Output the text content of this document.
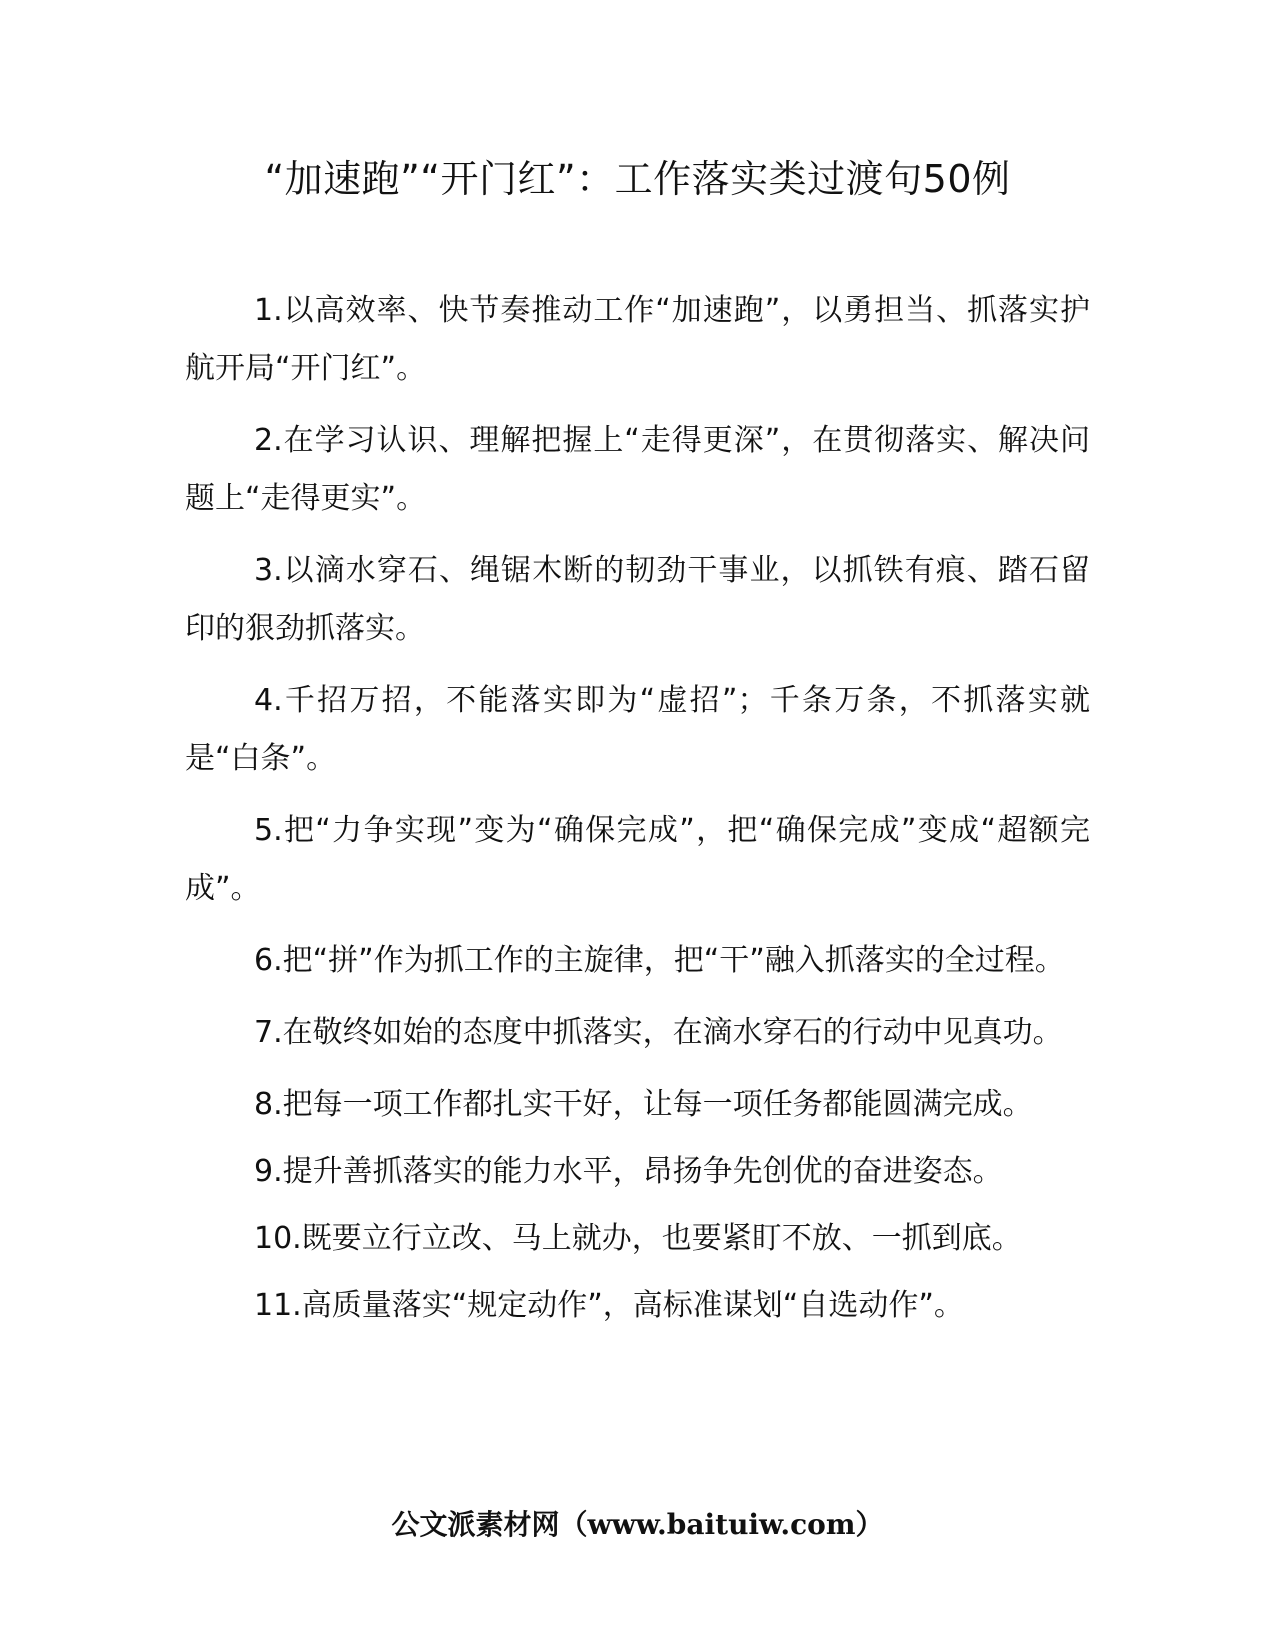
“加速跑”“开门红”：工作落实类过渡句50例

1.以高效率、快节奏推动工作“加速跑”，以勇担当、抓落实护航开局“开门红”。

2.在学习认识、理解把握上“走得更深”，在贯彻落实、解决问题上“走得更实”。

3.以滴水穿石、绳锯木断的韧劲干事业，以抓铁有痕、踏石留印的狠劲抓落实。

4.千招万招，不能落实即为“虚招”；千条万条，不抓落实就是“白条”。

5.把“力争实现”变为“确保完成”，把“确保完成”变成“超额完成”。

6.把“拼”作为抓工作的主旋律，把“干”融入抓落实的全过程。

7.在敬终如始的态度中抓落实，在滴水穿石的行动中见真功。

8.把每一项工作都扎实干好，让每一项任务都能圆满完成。

9.提升善抓落实的能力水平，昂扬争先创优的奋进姿态。

10.既要立行立改、马上就办，也要紧盯不放、一抓到底。

11.高质量落实“规定动作”，高标准谋划“自选动作”。

公文派素材网（www.baituiw.com）
